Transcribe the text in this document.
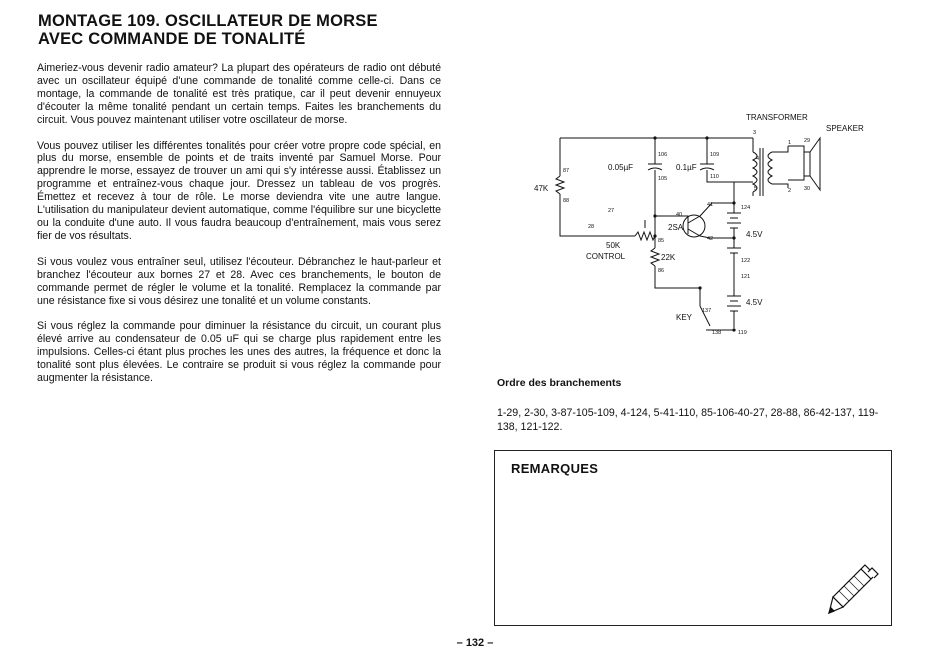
MONTAGE 109. OSCILLATEUR DE MORSE
AVEC COMMANDE DE TONALITÉ

Aimeriez-vous devenir radio amateur? La plupart des opérateurs de radio ont débuté avec un oscillateur équipé d'une commande de tonalité comme celle-ci. Dans ce montage, la commande de tonalité est très pratique, car il peut devenir ennuyeux d'écouter la même tonalité pendant un certain temps. Faites les branchements du circuit. Vous pouvez maintenant utiliser votre oscillateur de morse.

Vous pouvez utiliser les différentes tonalités pour créer votre propre code spécial, en plus du morse, ensemble de points et de traits inventé par Samuel Morse. Pour apprendre le morse, essayez de trouver un ami qui s'y intéresse aussi. Établissez un programme et entraînez-vous chaque jour. Dressez un tableau de vos progrès. Émettez et recevez à tour de rôle. Le morse deviendra vite une autre langue. L'utilisation du manipulateur devient automatique, comme l'équilibre sur une bicyclette ou la conduite d'une auto. Il vous faudra beaucoup d'entraînement, mais vous serez fier de vos résultats.

Si vous voulez vous entraîner seul, utilisez l'écouteur. Débranchez le haut-parleur et branchez l'écouteur aux bornes 27 et 28. Avec ces branchements, le bouton de commande permet de régler le volume et la tonalité. Remplacez la commande par une résistance fixe si vous désirez une tonalité et un volume constants.

Si vous réglez la commande pour diminuer la résistance du circuit, un courant plus élevé arrive au condensateur de 0.05 uF qui se charge plus rapidement entre les impulsions. Celles-ci étant plus proches les unes des autres, la fréquence et donc la tonalité sont plus élevées. Le contraire se produit si vous réglez la commande pour augmenter la résistance.

TRANSFORMER
SPEAKER
47K
0.05µF	0.1µF
2SA
50K
CONTROL	22K
KEY
4.5V
4.5V
87
88
106
105
109
110
3
4
5
29
30
1
2
27
28
40
41
42
85
86
124
122
121
137
138	119
Ordre des branchements
1-29, 2-30, 3-87-105-109, 4-124, 5-41-110, 85-106-40-27, 28-88, 86-42-137, 119-138, 121-122.
REMARQUES
– 132 –
